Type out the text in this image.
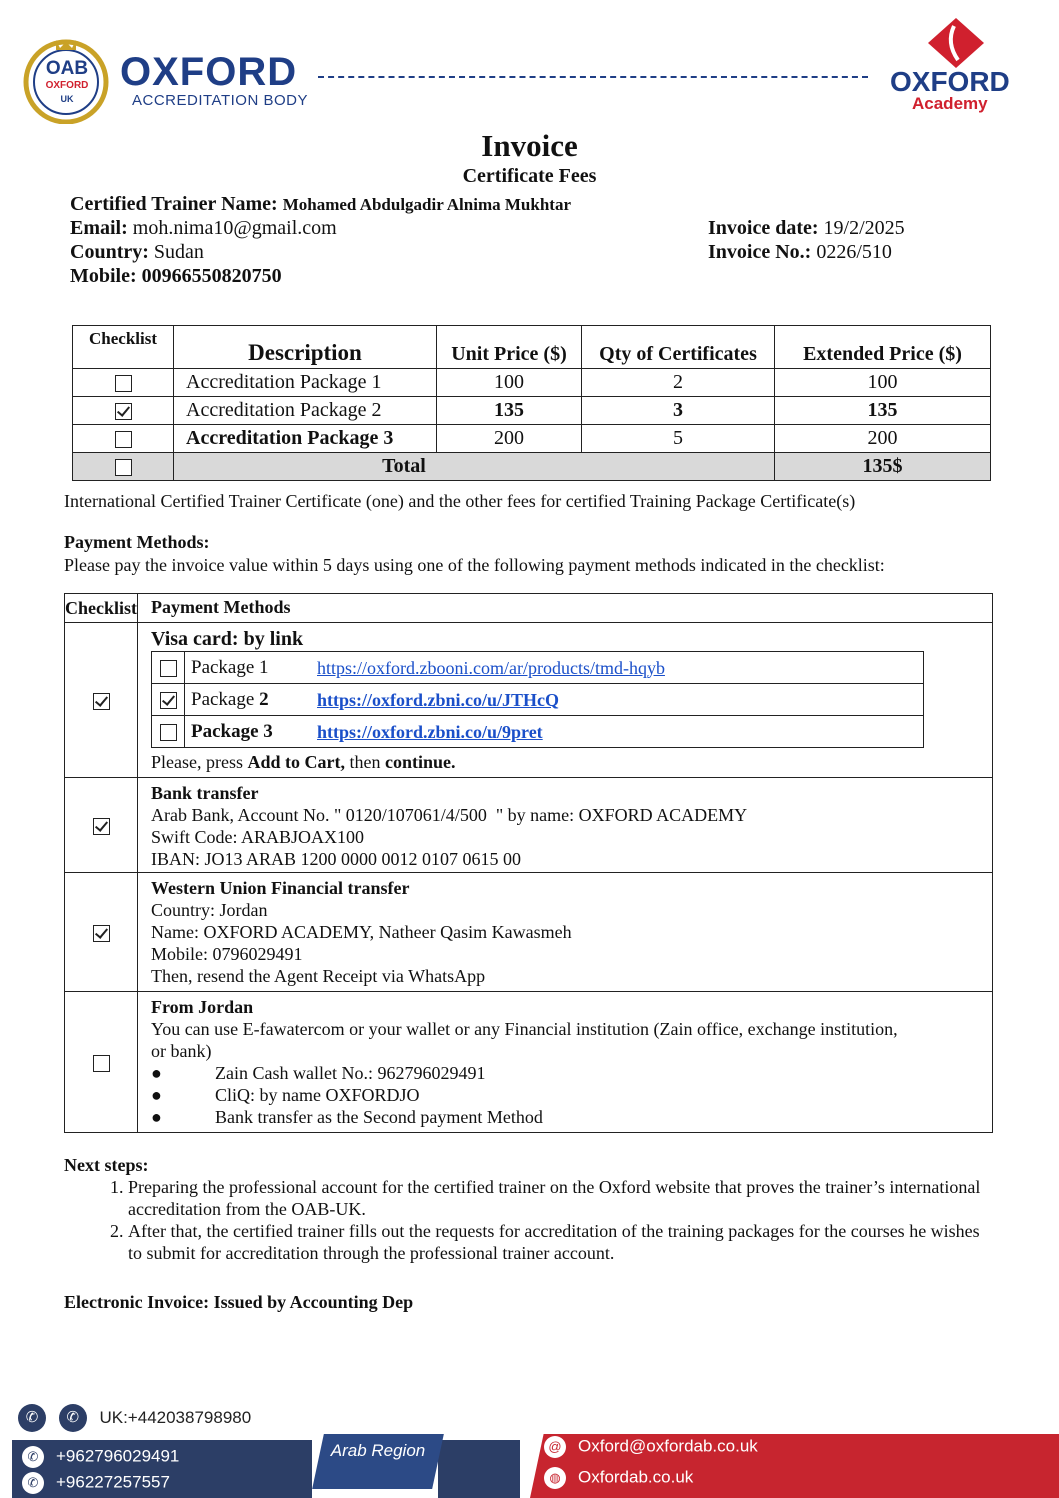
OAB
OXFORD
UK
OXFORD
ACCREDITATION BODY
OXFORD
Academy
Invoice
Certificate Fees
Certified Trainer Name: Mohamed Abdulgadir Alnima Mukhtar
Email: moh.nima10@gmail.com
Country: Sudan
Mobile: 00966550820750
Invoice date: 19/2/2025
Invoice No.: 0226/510
Checklist	Description	Unit Price ($)	Qty of Certificates	Extended Price ($)
	Accreditation Package 1	100	2	100
	Accreditation Package 2	135	3	135
	Accreditation Package 3	200	5	200
	Total			135$
International Certified Trainer Certificate (one) and the other fees for certified Training Package Certificate(s)
Payment Methods:
Please pay the invoice value within 5 days using one of the following payment methods indicated in the checklist:
Checklist	Payment Methods

Visa card: by link
	Package 1	https://oxford.zbooni.com/ar/products/tmd-hqyb
	Package 2	https://oxford.zbni.co/u/JTHcQ
	Package 3	https://oxford.zbni.co/u/9pret
Please, press Add to Cart, then continue.

Bank transfer
Arab Bank, Account No. " 0120/107061/4/500  " by name: OXFORD ACADEMY
Swift Code: ARABJOAX100
IBAN: JO13 ARAB 1200 0000 0012 0107 0615 00

Western Union Financial transfer
Country: Jordan
Name: OXFORD ACADEMY, Natheer Qasim Kawasmeh
Mobile: 0796029491
Then, resend the Agent Receipt via WhatsApp

From Jordan
You can use E-fawatercom or your wallet or any Financial institution (Zain office, exchange institution, or bank)
●	Zain Cash wallet No.: 962796029491
●	CliQ: by name OXFORDJO
●	Bank transfer as the Second payment Method
Next steps:
1. Preparing the professional account for the certified trainer on the Oxford website that proves the trainer’s international accreditation from the OAB-UK.
2. After that, the certified trainer fills out the requests for accreditation of the training packages for the courses he wishes to submit for accreditation through the professional trainer account.
Electronic Invoice: Issued by Accounting Dep
✆ ✆ UK:+442038798980
Arab Region
✆ +962796029491
✆ +96227257557
@ Oxford@oxfordab.co.uk
◍ Oxfordab.co.uk
